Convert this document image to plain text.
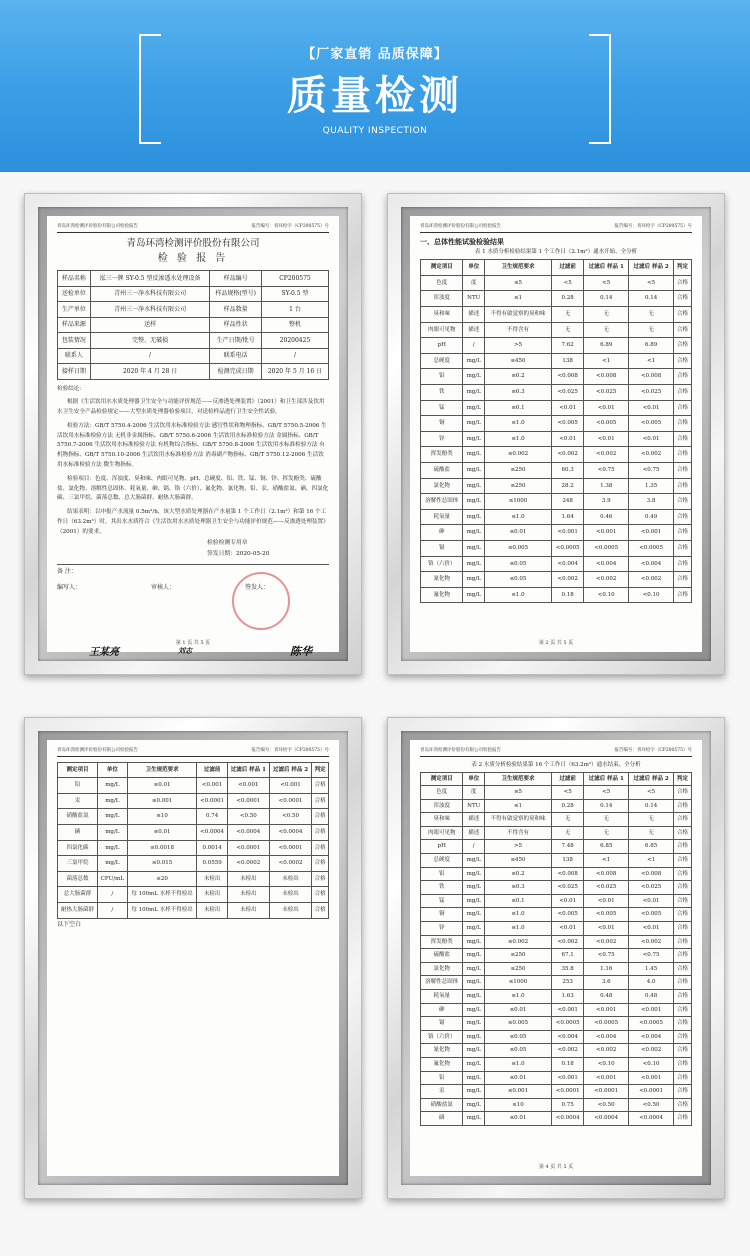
【厂家直销 品质保障】
质量检测
QUALITY INSPECTION
青岛环湾检测评价股份有限公司检验报告	报告编号：青环检字（CP200575）号
青岛环湾检测评价股份有限公司
检 验 报 告
样品名称	泓三一牌 SY-0.5 型反渗透水处理设备	样品编号	CP200575
送检单位	青州三一净水科技有限公司	样品规格(型号)	SY-0.5 型
生产单位	青州三一净水科技有限公司	样品数量	1 台
样品来源	送样	样品性状	整机
包装情况	完整、无破损	生产日期/批号	20200425
联系人	/	联系电话	/
接样日期	2020 年 4 月 28 日	检测完成日期	2020 年 5 月 16 日
检验结论：
根据《生活饮用水水质处理器卫生安全与功能评价规范——反渗透处理装置》（2001）和卫生部涉及饮用水卫生安全产品检验规定——大型水质处理器检验项目，对送检样品进行卫生安全性试验。
检验方法：GB/T 5750.4-2006 生活饮用水标准检验方法 感官性状和物理指标、GB/T 5750.5-2006 生活饮用水标准检验方法 无机非金属指标、GB/T 5750.6-2006 生活饮用水标准检验方法 金属指标、GB/T 5750.7-2006 生活饮用水标准检验方法 有机物综合指标、GB/T 5750.8-2006 生活饮用水标准检验方法 有机物指标、GB/T 5750.10-2006 生活饮用水标准检验方法 消毒副产物指标、GB/T 5750.12-2006 生活饮用水标准检验方法 微生物指标。
检验项目：色度、浑浊度、臭和味、肉眼可见物、pH、总硬度、铝、铁、锰、铜、锌、挥发酚类、硫酸盐、氯化物、溶解性总固体、耗氧量、砷、镉、铬（六价）、氟化物、氰化物、铅、汞、硝酸盐氮、硒、四氯化碳、三氯甲烷、菌落总数、总大肠菌群、耐热大肠菌群。
结果表明：以申报产水流量 0.5m³/h，该大型水质处理器在产水量第 1 个工作日（2.1m³）和第 16 个工作日（63.2m³）时，其出水水质符合《生活饮用水水质处理器卫生安全与功能评价规范——反渗透处理装置》（2001）的要求。
检验检测专用章
签发日期：2020-05-20
备 注：
编写人：	审核人：	签发人：
王某亮	刘志	陈华
第 1 页 共 5 页
青岛环湾检测评价股份有限公司检验报告	报告编号：青环检字（CP200575）号
一、总体性能试验检验结果
表 1 水质分析检验结果第 1 个工作日（2.1m³）通水开始、全分析
测定项目	单位	卫生规范要求	过滤前	过滤后 样品 1	过滤后 样品 2	判定
色度	度	≤5	<5	<5	<5	合格
浑浊度	NTU	≤1	0.28	0.14	0.14	合格
臭和味	描述	不得有啟觉察的臭和味	无	无	无	合格
肉眼可见物	描述	不得含有	无	无	无	合格
pH	/	>5	7.62	6.89	6.89	合格
总硬度	mg/L	≤450	138	<1	<1	合格
铝	mg/L	≤0.2	<0.008	<0.008	<0.008	合格
铁	mg/L	≤0.3	<0.025	<0.025	<0.025	合格
锰	mg/L	≤0.1	<0.01	<0.01	<0.01	合格
铜	mg/L	≤1.0	<0.005	<0.005	<0.005	合格
锌	mg/L	≤1.0	<0.01	<0.01	<0.01	合格
挥发酚类	mg/L	≤0.002	<0.002	<0.002	<0.002	合格
硫酸盐	mg/L	≤250	60.3	<0.75	<0.75	合格
氯化物	mg/L	≤250	28.2	1.38	1.35	合格
溶解性总固体	mg/L	≤1000	248	3.9	3.8	合格
耗氧量	mg/L	≤1.0	1.64	0.46	0.49	合格
砷	mg/L	≤0.01	<0.001	<0.001	<0.001	合格
镉	mg/L	≤0.005	<0.0005	<0.0005	<0.0005	合格
铬（六价）	mg/L	≤0.05	<0.004	<0.004	<0.004	合格
氰化物	mg/L	≤0.05	<0.002	<0.002	<0.002	合格
氟化物	mg/L	≤1.0	0.18	<0.10	<0.10	合格
第 2 页 共 5 页
青岛环湾检测评价股份有限公司检验报告	报告编号：青环检字（CP200575）号
测定项目	单位	卫生规范要求	过滤前	过滤后 样品 1	过滤后 样品 2	判定
铅	mg/L	≤0.01	<0.001	<0.001	<0.001	合格
汞	mg/L	≤0.001	<0.0001	<0.0001	<0.0001	合格
硝酸盐氮	mg/L	≤10	0.74	<0.50	<0.50	合格
硒	mg/L	≤0.01	<0.0004	<0.0004	<0.0004	合格
四氯化碳	mg/L	≤0.0018	0.0014	<0.0001	<0.0001	合格
三氯甲烷	mg/L	≤0.015	0.0559	<0.0002	<0.0002	合格
菌落总数	CFU/mL	≤20	未检出	未检出	未检出	合格
总大肠菌群	/	每 100mL 水样不得检出	未检出	未检出	未检出	合格
耐热大肠菌群	/	每 100mL 水样不得检出	未检出	未检出	未检出	合格
以下空白
青岛环湾检测评价股份有限公司检验报告	报告编号：青环检字（CP200575）号
表 2 水质分析检验结果第 16 个工作日（63.2m³）通水结束、全分析
测定项目	单位	卫生规范要求	过滤前	过滤后 样品 1	过滤后 样品 2	判定
色度	度	≤5	<5	<5	<5	合格
浑浊度	NTU	≤1	0.28	0.14	0.14	合格
臭和味	描述	不得有啟觉察的臭和味	无	无	无	合格
肉眼可见物	描述	不得含有	无	无	无	合格
pH	/	>5	7.48	6.85	6.85	合格
总硬度	mg/L	≤450	138	<1	<1	合格
铝	mg/L	≤0.2	<0.008	<0.008	<0.008	合格
铁	mg/L	≤0.3	<0.025	<0.025	<0.025	合格
锰	mg/L	≤0.1	<0.01	<0.01	<0.01	合格
铜	mg/L	≤1.0	<0.005	<0.005	<0.005	合格
锌	mg/L	≤1.0	<0.01	<0.01	<0.01	合格
挥发酚类	mg/L	≤0.002	<0.002	<0.002	<0.002	合格
硫酸盐	mg/L	≤250	67.1	<0.75	<0.75	合格
氯化物	mg/L	≤250	35.8	1.16	1.45	合格
溶解性总固体	mg/L	≤1000	253	3.6	4.0	合格
耗氧量	mg/L	≤1.0	1.63	0.48	0.48	合格
砷	mg/L	≤0.01	<0.001	<0.001	<0.001	合格
镉	mg/L	≤0.005	<0.0005	<0.0005	<0.0005	合格
铬（六价）	mg/L	≤0.05	<0.004	<0.004	<0.004	合格
氰化物	mg/L	≤0.05	<0.002	<0.002	<0.002	合格
氟化物	mg/L	≤1.0	0.18	<0.10	<0.10	合格
铅	mg/L	≤0.01	<0.001	<0.001	<0.001	合格
汞	mg/L	≤0.001	<0.0001	<0.0001	<0.0001	合格
硝酸盐氮	mg/L	≤10	0.75	<0.50	<0.50	合格
硒	mg/L	≤0.01	<0.0004	<0.0004	<0.0004	合格
第 4 页 共 5 页
